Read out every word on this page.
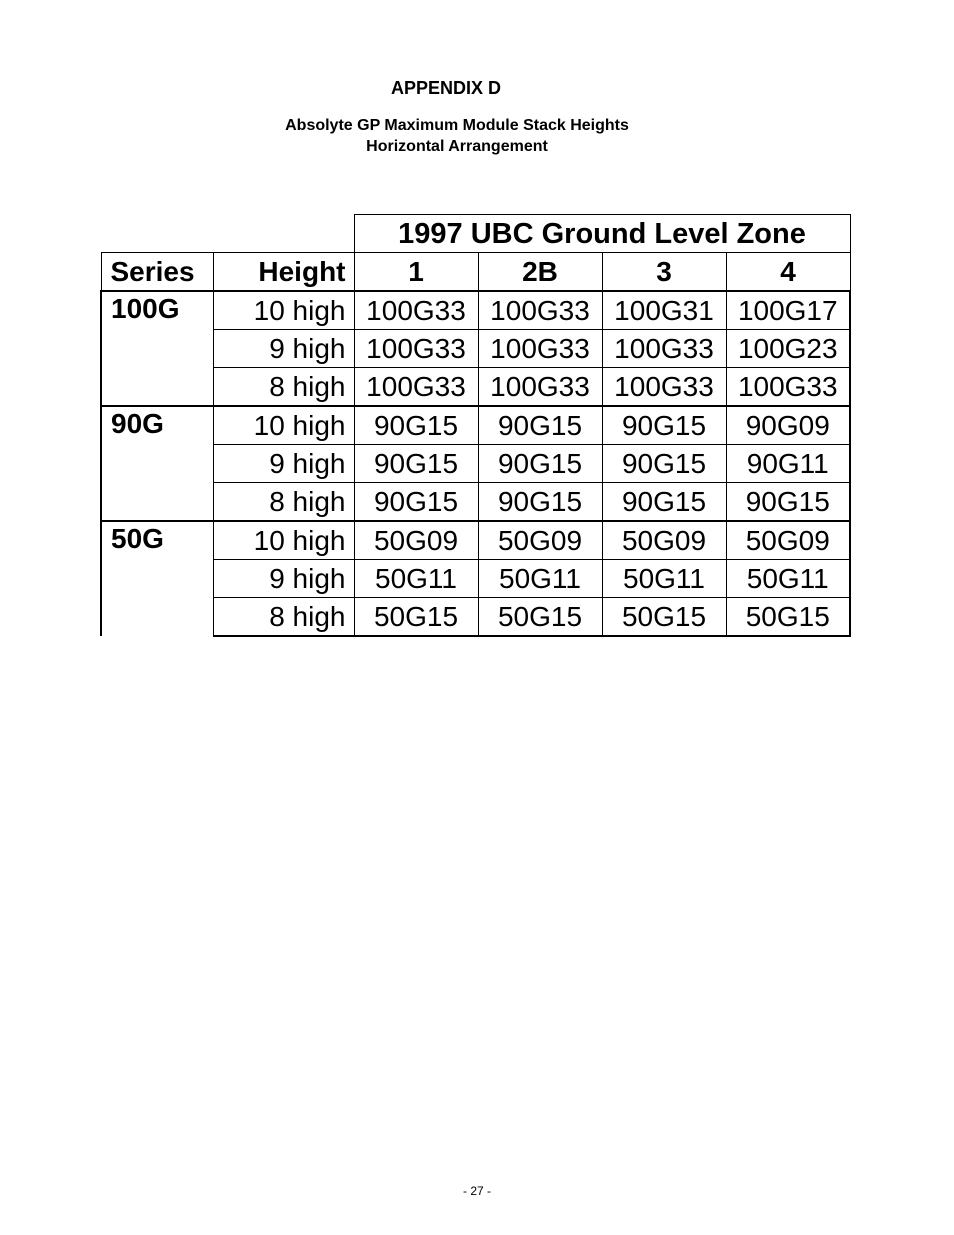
APPENDIX D
Absolyte GP Maximum Module Stack Heights
Horizontal Arrangement
		1997 UBC Ground Level Zone			
Series	Height	1	2B	3	4
100G	10 high	100G33	100G33	100G31	100G17
	9 high	100G33	100G33	100G33	100G23
	8 high	100G33	100G33	100G33	100G33
90G	10 high	90G15	90G15	90G15	90G09
	9 high	90G15	90G15	90G15	90G11
	8 high	90G15	90G15	90G15	90G15
50G	10 high	50G09	50G09	50G09	50G09
	9 high	50G11	50G11	50G11	50G11
	8 high	50G15	50G15	50G15	50G15
- 27 -
